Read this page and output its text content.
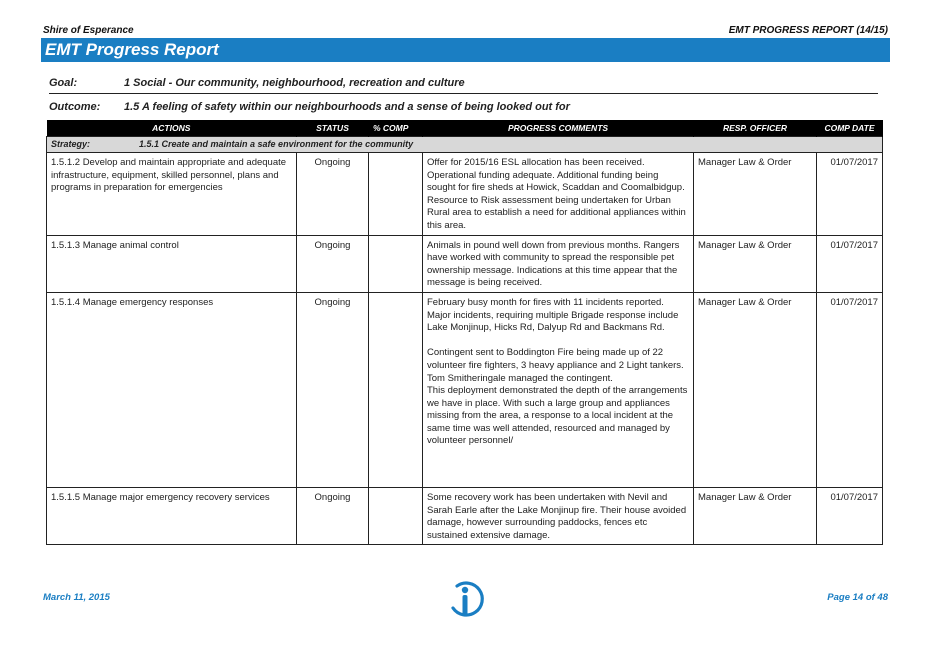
Shire of Esperance	EMT PROGRESS REPORT (14/15)
EMT Progress Report
Goal:	1 Social - Our community, neighbourhood, recreation and culture
Outcome: 1.5 A feeling of safety within our neighbourhoods and a sense of being looked out for
ACTIONS	STATUS	% COMP	PROGRESS COMMENTS	RESP. OFFICER	COMP DATE
Strategy: 1.5.1 Create and maintain a safe environment for the community					
1.5.1.2 Develop and maintain appropriate and adequate infrastructure, equipment, skilled personnel, plans and programs in preparation for emergencies	Ongoing		Offer for 2015/16 ESL allocation has been received. Operational funding adequate. Additional funding being sought for fire sheds at Howick, Scaddan and Coomalbidgup. Resource to Risk assessment being undertaken for Urban Rural area to establish a need for additional appliances within this area.	Manager Law & Order	01/07/2017
1.5.1.3 Manage animal control	Ongoing		Animals in pound well down from previous months. Rangers have worked with community to spread the responsible pet ownership message. Indications at this time appear that the message is being received.	Manager Law & Order	01/07/2017
1.5.1.4 Manage emergency responses	Ongoing		February busy month for fires with 11 incidents reported. Major incidents, requiring multiple Brigade response include Lake Monjinup, Hicks Rd, Dalyup Rd and Backmans Rd.

Contingent sent to Boddington Fire being made up of 22 volunteer fire fighters, 3 heavy appliance and 2 Light tankers. Tom Smitheringale managed the contingent.
This deployment demonstrated the depth of the arrangements we have in place. With such a large group and appliances missing from the area, a response to a local incident at the same time was well attended, resourced and managed by volunteer personnel/	Manager Law & Order	01/07/2017
1.5.1.5 Manage major emergency recovery services	Ongoing		Some recovery work has been undertaken with Nevil and Sarah Earle after the Lake Monjinup fire. Their house avoided damage, however surrounding paddocks, fences etc sustained extensive damage.	Manager Law & Order	01/07/2017
March 11, 2015	Page 14 of 48
